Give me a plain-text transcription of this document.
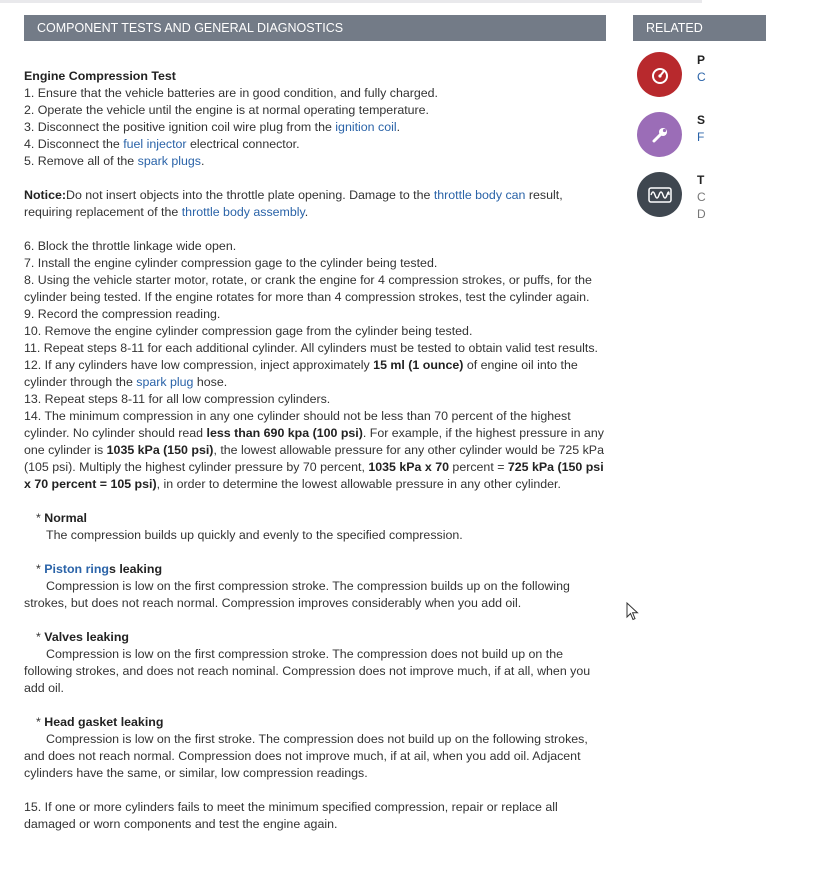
COMPONENT TESTS AND GENERAL DIAGNOSTICS

Engine Compression Test

1. Ensure that the vehicle batteries are in good condition, and fully charged.

2. Operate the vehicle until the engine is at normal operating temperature.

3. Disconnect the positive ignition coil wire plug from the ignition coil.

4. Disconnect the fuel injector electrical connector.

5. Remove all of the spark plugs.

Notice:Do not insert objects into the throttle plate opening. Damage to the throttle body can result, requiring replacement of the throttle body assembly.

6. Block the throttle linkage wide open.

7. Install the engine cylinder compression gage to the cylinder being tested.

8. Using the vehicle starter motor, rotate, or crank the engine for 4 compression strokes, or puffs, for the cylinder being tested. If the engine rotates for more than 4 compression strokes, test the cylinder again.

9. Record the compression reading.

10. Remove the engine cylinder compression gage from the cylinder being tested.

11. Repeat steps 8-11 for each additional cylinder. All cylinders must be tested to obtain valid test results.

12. If any cylinders have low compression, inject approximately 15 ml (1 ounce) of engine oil into the cylinder through the spark plug hose.

13. Repeat steps 8-11 for all low compression cylinders.

14. The minimum compression in any one cylinder should not be less than 70 percent of the highest cylinder. No cylinder should read less than 690 kpa (100 psi). For example, if the highest pressure in any one cylinder is 1035 kPa (150 psi), the lowest allowable pressure for any other cylinder would be 725 kPa (105 psi). Multiply the highest cylinder pressure by 70 percent, 1035 kPa x 70 percent = 725 kPa (150 psi x 70 percent = 105 psi), in order to determine the lowest allowable pressure in any other cylinder.

* Normal

The compression builds up quickly and evenly to the specified compression.

* Piston rings leaking

Compression is low on the first compression stroke. The compression builds up on the following strokes, but does not reach normal. Compression improves considerably when you add oil.

* Valves leaking

Compression is low on the first compression stroke. The compression does not build up on the following strokes, and does not reach nominal. Compression does not improve much, if at all, when you add oil.

* Head gasket leaking

Compression is low on the first stroke. The compression does not build up on the following strokes, and does not reach normal. Compression does not improve much, if at ail, when you add oil. Adjacent cylinders have the same, or similar, low compression readings.

15. If one or more cylinders fails to meet the minimum specified compression, repair or replace all damaged or worn components and test the engine again.

RELATED
P
C
S
F
T
C
D
